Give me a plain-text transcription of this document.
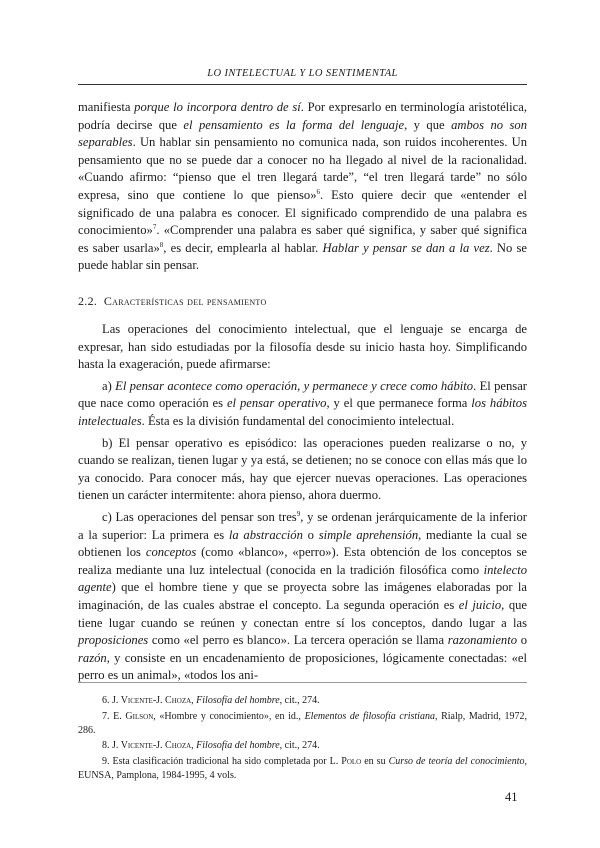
LO INTELECTUAL Y LO SENTIMENTAL

manifiesta porque lo incorpora dentro de sí. Por expresarlo en terminología aristotélica, podría decirse que el pensamiento es la forma del lenguaje, y que ambos no son separables. Un hablar sin pensamiento no comunica nada, son ruidos incoherentes. Un pensamiento que no se puede dar a conocer no ha llegado al nivel de la racionalidad. «Cuando afirmo: “pienso que el tren llegará tarde”, “el tren llegará tarde” no sólo expresa, sino que contiene lo que pienso»$^6$. Esto quiere decir que «entender el significado de una palabra es conocer. El significado comprendido de una palabra es conocimiento»$^7$. «Comprender una palabra es saber qué significa, y saber qué significa es saber usarla»$^8$, es decir, emplearla al hablar. Hablar y pensar se dan a la vez. No se puede hablar sin pensar.

2.2. Características del pensamiento

Las operaciones del conocimiento intelectual, que el lenguaje se encarga de expresar, han sido estudiadas por la filosofía desde su inicio hasta hoy. Simplificando hasta la exageración, puede afirmarse:

a) El pensar acontece como operación, y permanece y crece como hábito. El pensar que nace como operación es el pensar operativo, y el que permanece forma los hábitos intelectuales. Ésta es la división fundamental del conocimiento intelectual.

b) El pensar operativo es episódico: las operaciones pueden realizarse o no, y cuando se realizan, tienen lugar y ya está, se detienen; no se conoce con ellas más que lo ya conocido. Para conocer más, hay que ejercer nuevas operaciones. Las operaciones tienen un carácter intermitente: ahora pienso, ahora duermo.

c) Las operaciones del pensar son tres$^9$, y se ordenan jerárquicamente de la inferior a la superior: La primera es la abstracción o simple aprehensión, mediante la cual se obtienen los conceptos (como «blanco», «perro»). Esta obtención de los conceptos se realiza mediante una luz intelectual (conocida en la tradición filosófica como intelecto agente) que el hombre tiene y que se proyecta sobre las imágenes elaboradas por la imaginación, de las cuales abstrae el concepto. La segunda operación es el juicio, que tiene lugar cuando se reúnen y conectan entre sí los conceptos, dando lugar a las proposiciones como «el perro es blanco». La tercera operación se llama razonamiento o razón, y consiste en un encadenamiento de proposiciones, lógicamente conectadas: «el perro es un animal», «todos los ani-

6. J. Vicente-J. Choza, Filosofía del hombre, cit., 274.

7. E. Gilson, «Hombre y conocimiento», en id., Elementos de filosofía cristiana, Rialp, Madrid, 1972, 286.

8. J. Vicente-J. Choza, Filosofía del hombre, cit., 274.

9. Esta clasificación tradicional ha sido completada por L. Polo en su Curso de teoría del conocimiento, EUNSA, Pamplona, 1984-1995, 4 vols.

41
